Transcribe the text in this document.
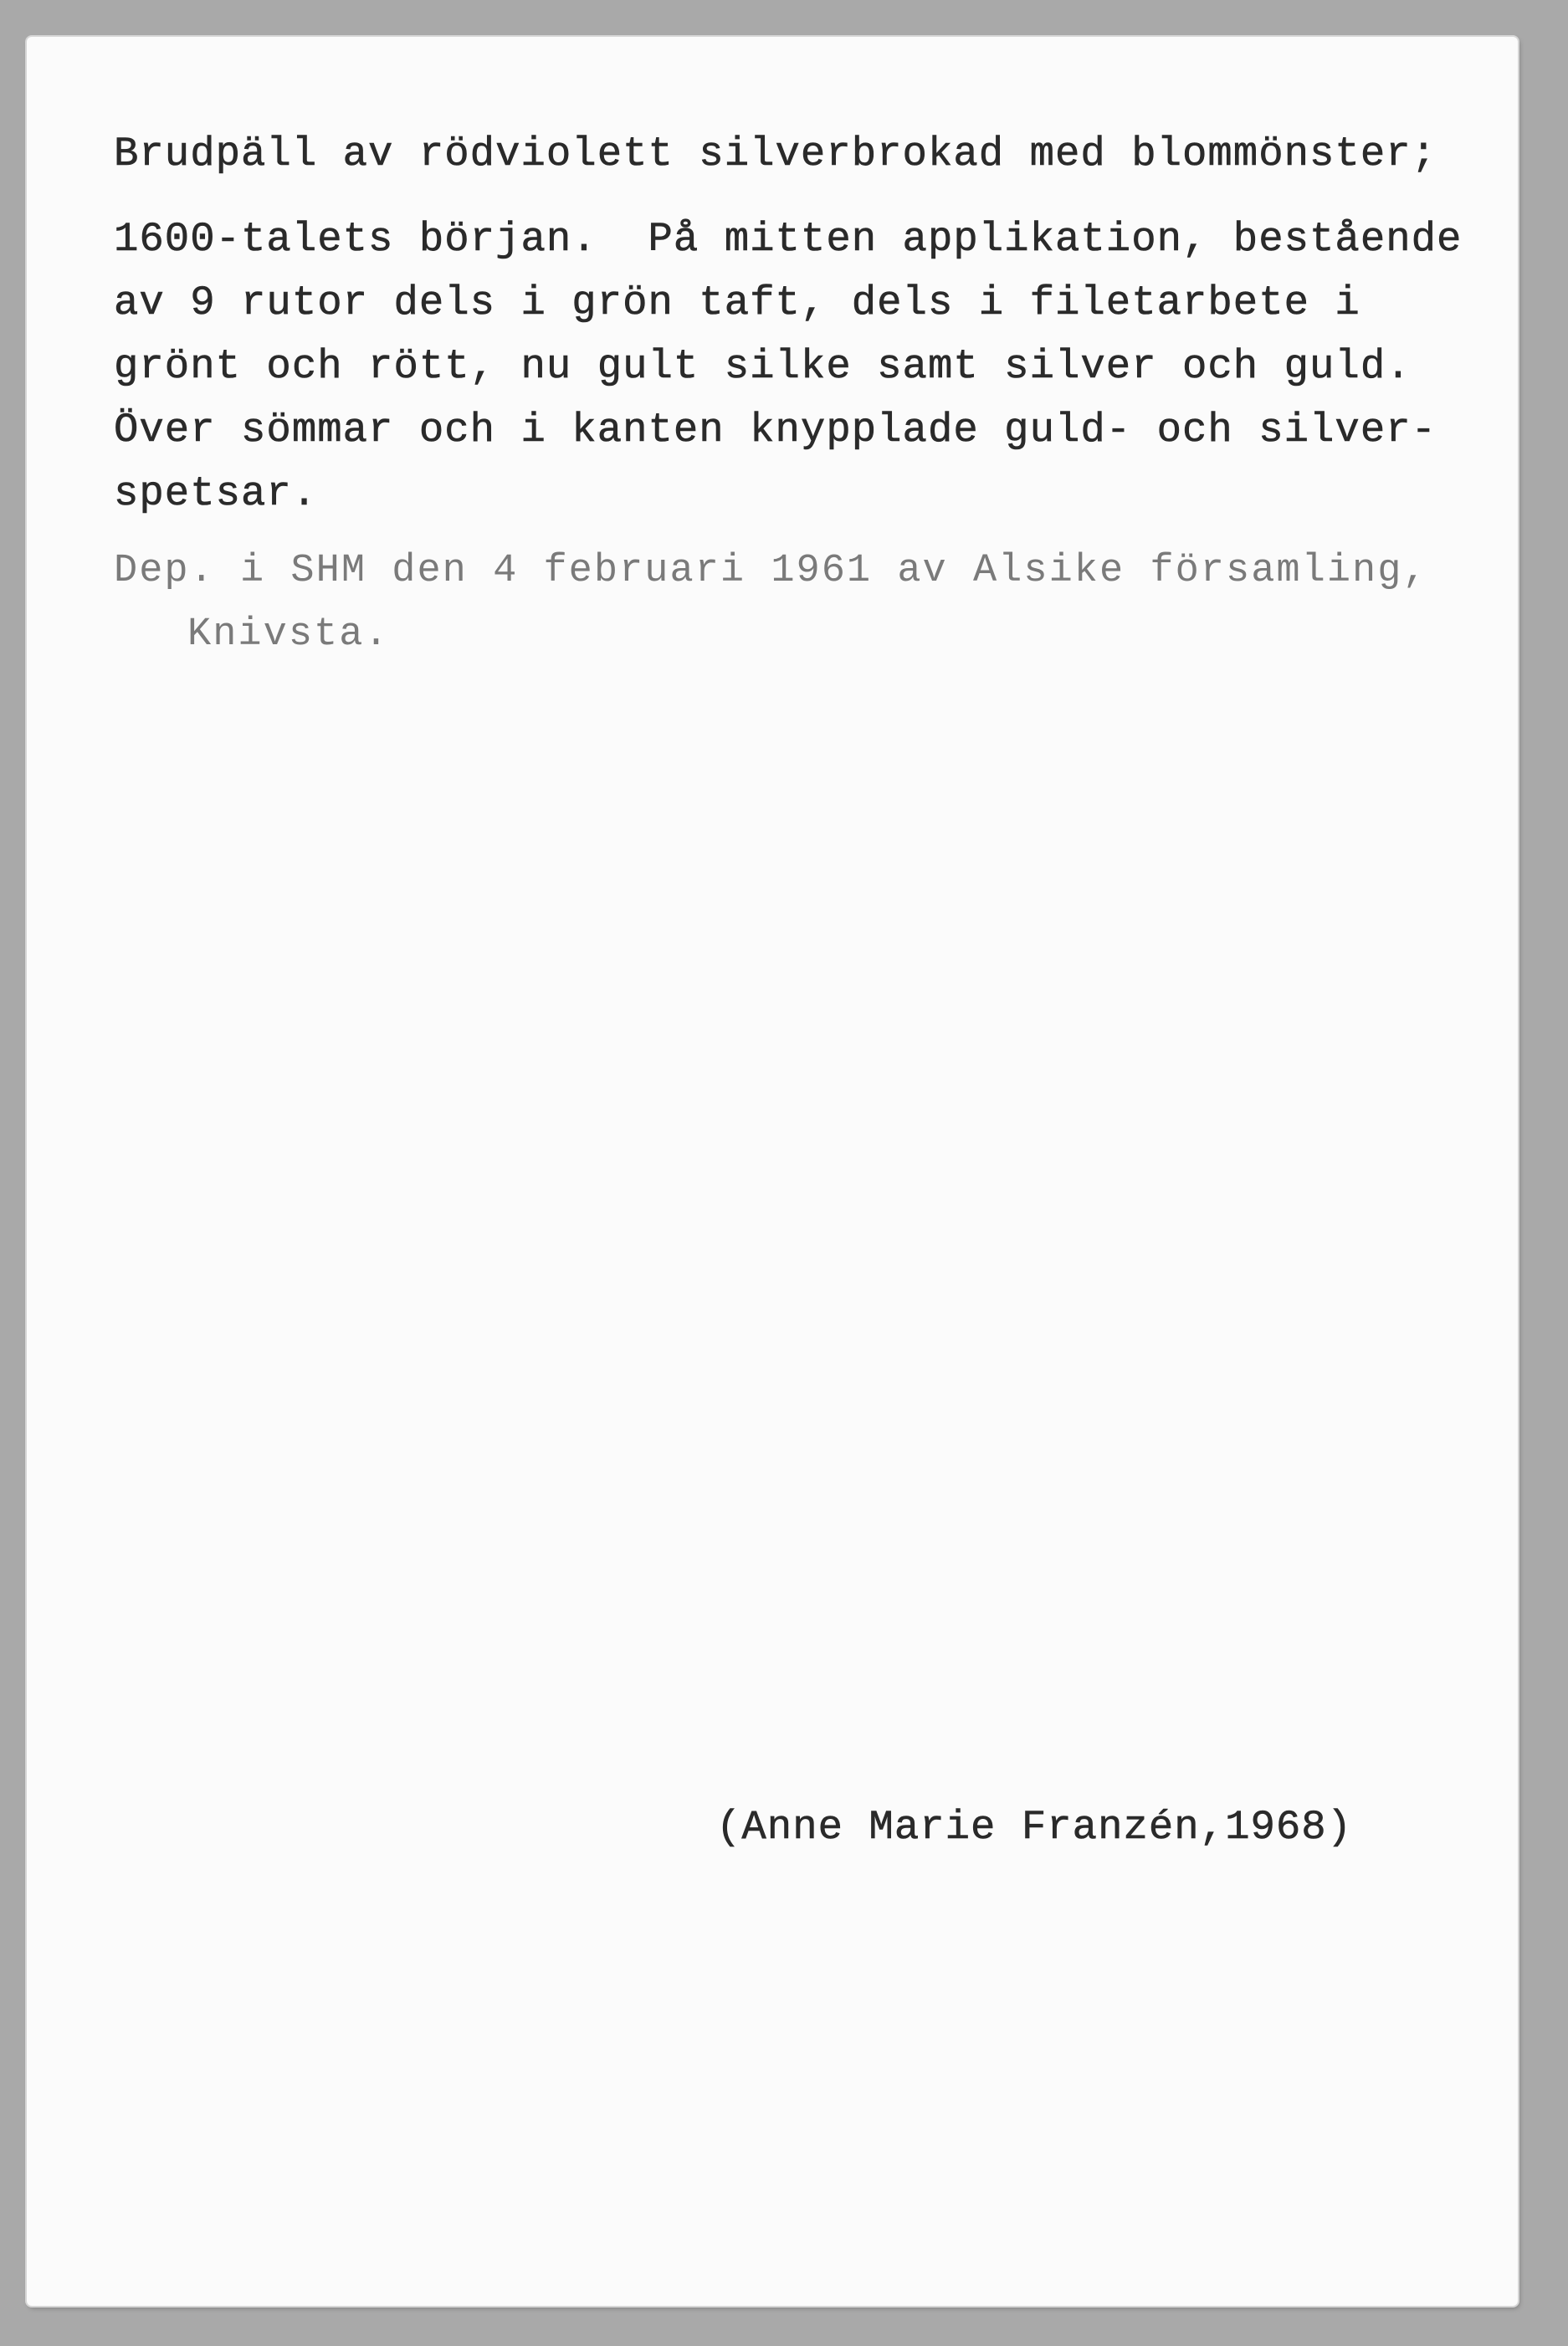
Brudpäll av rödviolett silverbrokad med blommönster;
1600-talets början.  På mitten applikation, bestående
av 9 rutor dels i grön taft, dels i filetarbete i
grönt och rött, nu gult silke samt silver och guld.
Över sömmar och i kanten knypplade guld- och silver-
spetsar.
Dep. i SHM den 4 februari 1961 av Alsike församling,
Knivsta.
(Anne Marie Franzén,1968)
